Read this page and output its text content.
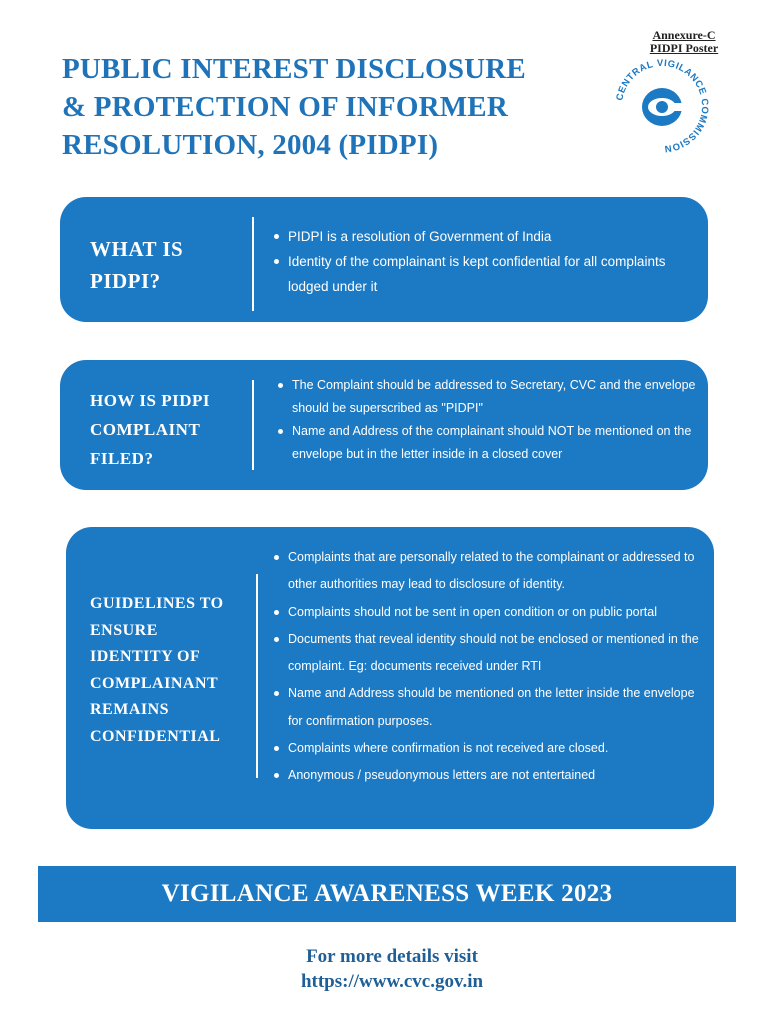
Annexure-C
PIDPI Poster
PUBLIC INTEREST DISCLOSURE
& PROTECTION OF INFORMER
RESOLUTION, 2004 (PIDPI)
CENTRAL VIGILANCE COMMISSION
WHAT IS
PIDPI?
PIDPI is a resolution of Government of India
Identity of the complainant is kept confidential for all complaints lodged under it
HOW IS PIDPI
COMPLAINT
FILED?
The Complaint should be addressed to Secretary, CVC and the envelope should be superscribed as "PIDPI"
Name and Address of the complainant should NOT be mentioned on the envelope but in the letter inside in a closed cover
GUIDELINES TO
ENSURE
IDENTITY OF
COMPLAINANT
REMAINS
CONFIDENTIAL
Complaints that are personally related to the complainant or addressed to other authorities may lead to disclosure of identity.
Complaints should not be sent in open condition or on public portal
Documents that reveal identity should not be enclosed or mentioned in the complaint. Eg: documents received under RTI
Name and Address should be mentioned on the letter inside the envelope for confirmation purposes.
Complaints where confirmation is not received are closed.
Anonymous / pseudonymous letters are not entertained
VIGILANCE AWARENESS WEEK 2023
For more details visit
https://www.cvc.gov.in
